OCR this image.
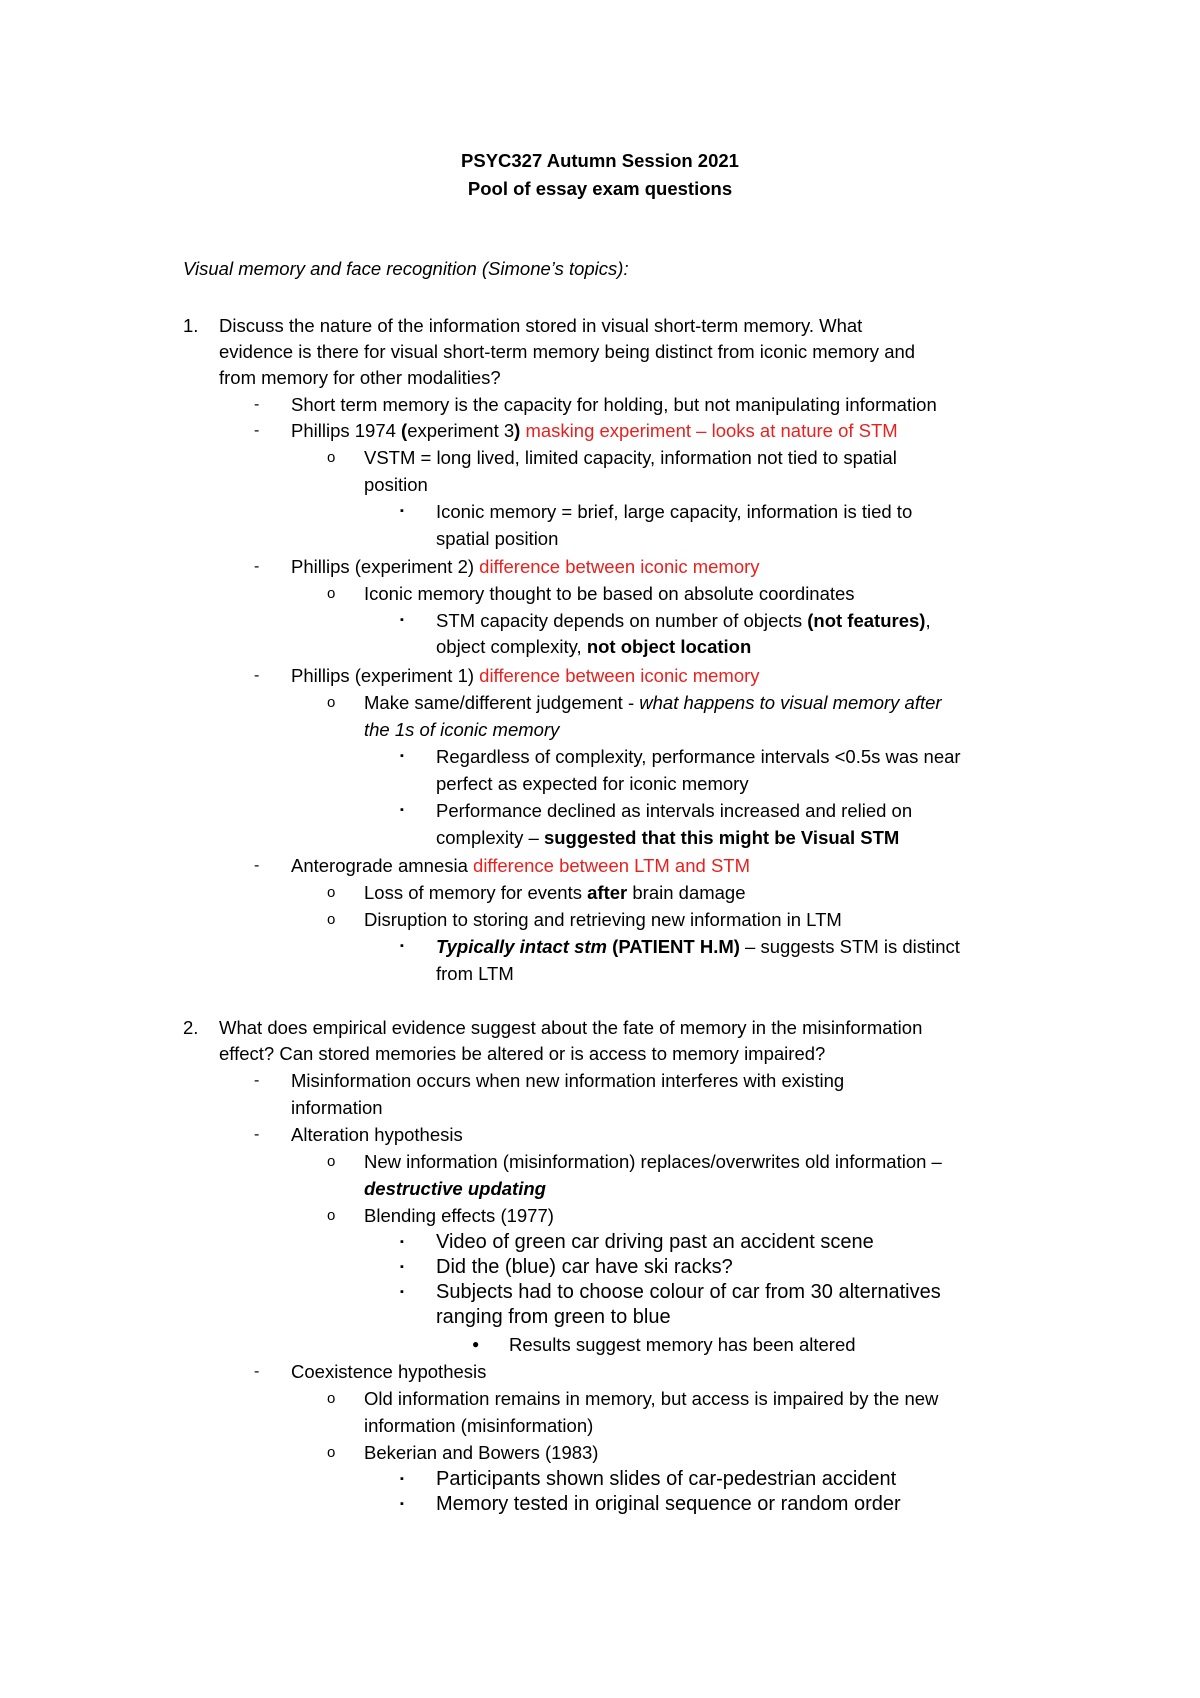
PSYC327 Autumn Session 2021
Pool of essay exam questions
Visual memory and face recognition (Simone’s topics):
1. Discuss the nature of the information stored in visual short-term memory. What
evidence is there for visual short-term memory being distinct from iconic memory and
from memory for other modalities?
- Short term memory is the capacity for holding, but not manipulating information
- Phillips 1974 (experiment 3) masking experiment – looks at nature of STM
o VSTM = long lived, limited capacity, information not tied to spatial
position
▪ Iconic memory = brief, large capacity, information is tied to
spatial position
- Phillips (experiment 2) difference between iconic memory
o Iconic memory thought to be based on absolute coordinates
▪ STM capacity depends on number of objects (not features),
object complexity, not object location
- Phillips (experiment 1) difference between iconic memory
o Make same/different judgement - what happens to visual memory after
the 1s of iconic memory
▪ Regardless of complexity, performance intervals <0.5s was near
perfect as expected for iconic memory
▪ Performance declined as intervals increased and relied on
complexity – suggested that this might be Visual STM
- Anterograde amnesia difference between LTM and STM
o Loss of memory for events after brain damage
o Disruption to storing and retrieving new information in LTM
▪ Typically intact stm (PATIENT H.M) – suggests STM is distinct
from LTM
2. What does empirical evidence suggest about the fate of memory in the misinformation
effect? Can stored memories be altered or is access to memory impaired?
- Misinformation occurs when new information interferes with existing
information
- Alteration hypothesis
o New information (misinformation) replaces/overwrites old information –
destructive updating
o Blending effects (1977)
▪ Video of green car driving past an accident scene
▪ Did the (blue) car have ski racks?
▪ Subjects had to choose colour of car from 30 alternatives
ranging from green to blue
● Results suggest memory has been altered
- Coexistence hypothesis
o Old information remains in memory, but access is impaired by the new
information (misinformation)
o Bekerian and Bowers (1983)
▪ Participants shown slides of car-pedestrian accident
▪ Memory tested in original sequence or random order
